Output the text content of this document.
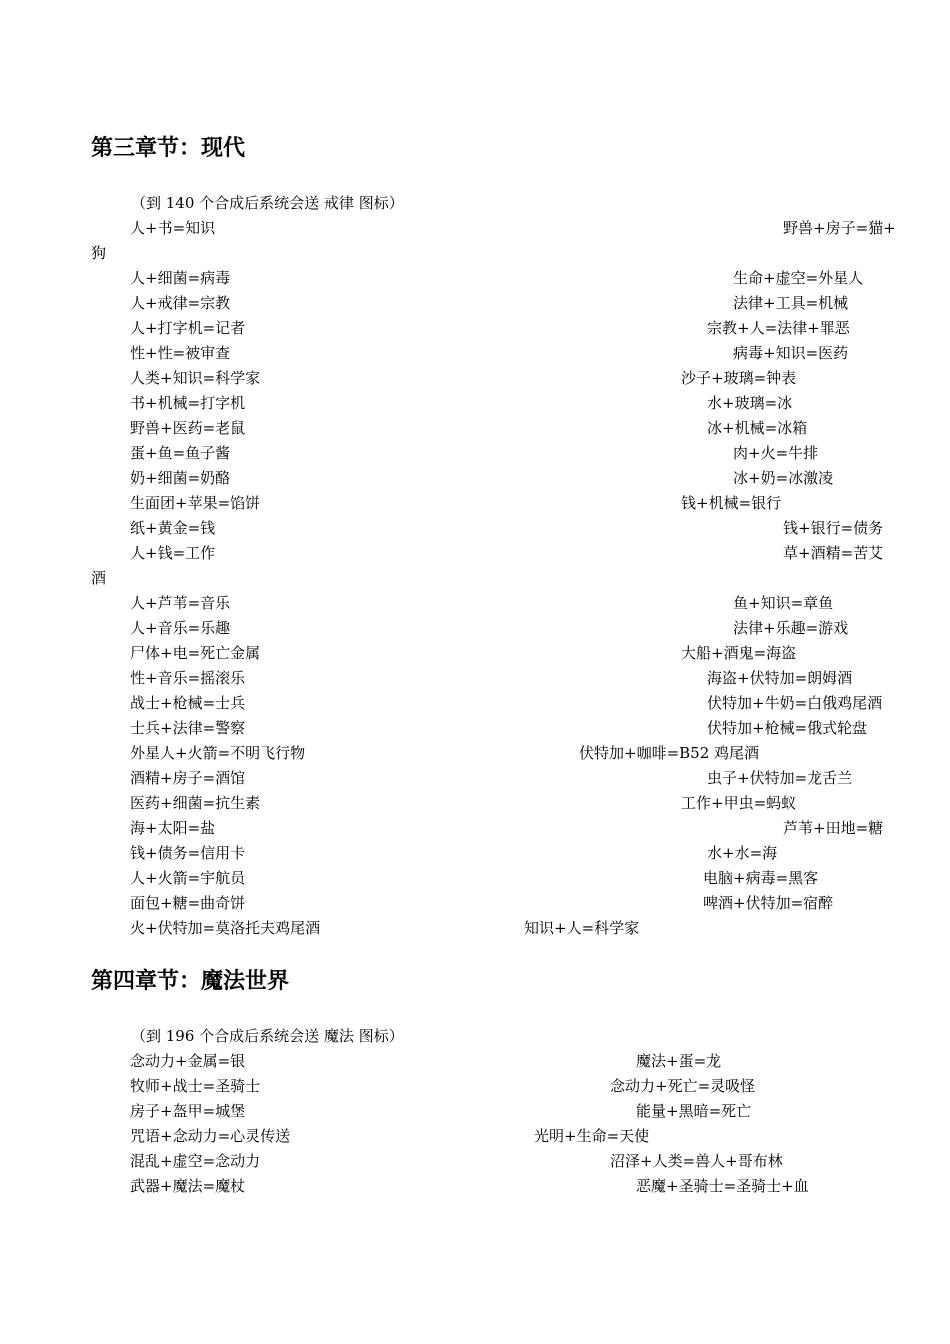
第三章节：现代
（到 140 个合成后系统会送 戒律 图标）
人+书=知识
狗
人+细菌=病毒
人+戒律=宗教
人+打字机=记者
性+性=被审查
人类+知识=科学家
书+机械=打字机
野兽+医药=老鼠
蛋+鱼=鱼子酱
奶+细菌=奶酪
生面团+苹果=馅饼
纸+黄金=钱
人+钱=工作
酒
人+芦苇=音乐
人+音乐=乐趣
尸体+电=死亡金属
性+音乐=摇滚乐
战士+枪械=士兵
士兵+法律=警察
外星人+火箭=不明飞行物
酒精+房子=酒馆
医药+细菌=抗生素
海+太阳=盐
钱+债务=信用卡
人+火箭=宇航员
面包+糖=曲奇饼
火+伏特加=莫洛托夫鸡尾酒
野兽+房子=猫+
生命+虚空=外星人
法律+工具=机械
宗教+人=法律+罪恶
病毒+知识=医药
沙子+玻璃=钟表
水+玻璃=冰
冰+机械=冰箱
肉+火=牛排
冰+奶=冰激凌
钱+机械=银行
钱+银行=债务
草+酒精=苦艾
鱼+知识=章鱼
法律+乐趣=游戏
大船+酒鬼=海盗
海盗+伏特加=朗姆酒
伏特加+牛奶=白俄鸡尾酒
伏特加+枪械=俄式轮盘
伏特加+咖啡=B52 鸡尾酒
虫子+伏特加=龙舌兰
工作+甲虫=蚂蚁
芦苇+田地=糖
水+水=海
电脑+病毒=黑客
啤酒+伏特加=宿醉
知识+人=科学家
第四章节：魔法世界
（到 196 个合成后系统会送 魔法 图标）
念动力+金属=银
牧师+战士=圣骑士
房子+盔甲=城堡
咒语+念动力=心灵传送
混乱+虚空=念动力
武器+魔法=魔杖
魔法+蛋=龙
念动力+死亡=灵吸怪
能量+黑暗=死亡
光明+生命=天使
沼泽+人类=兽人+哥布林
恶魔+圣骑士=圣骑士+血
